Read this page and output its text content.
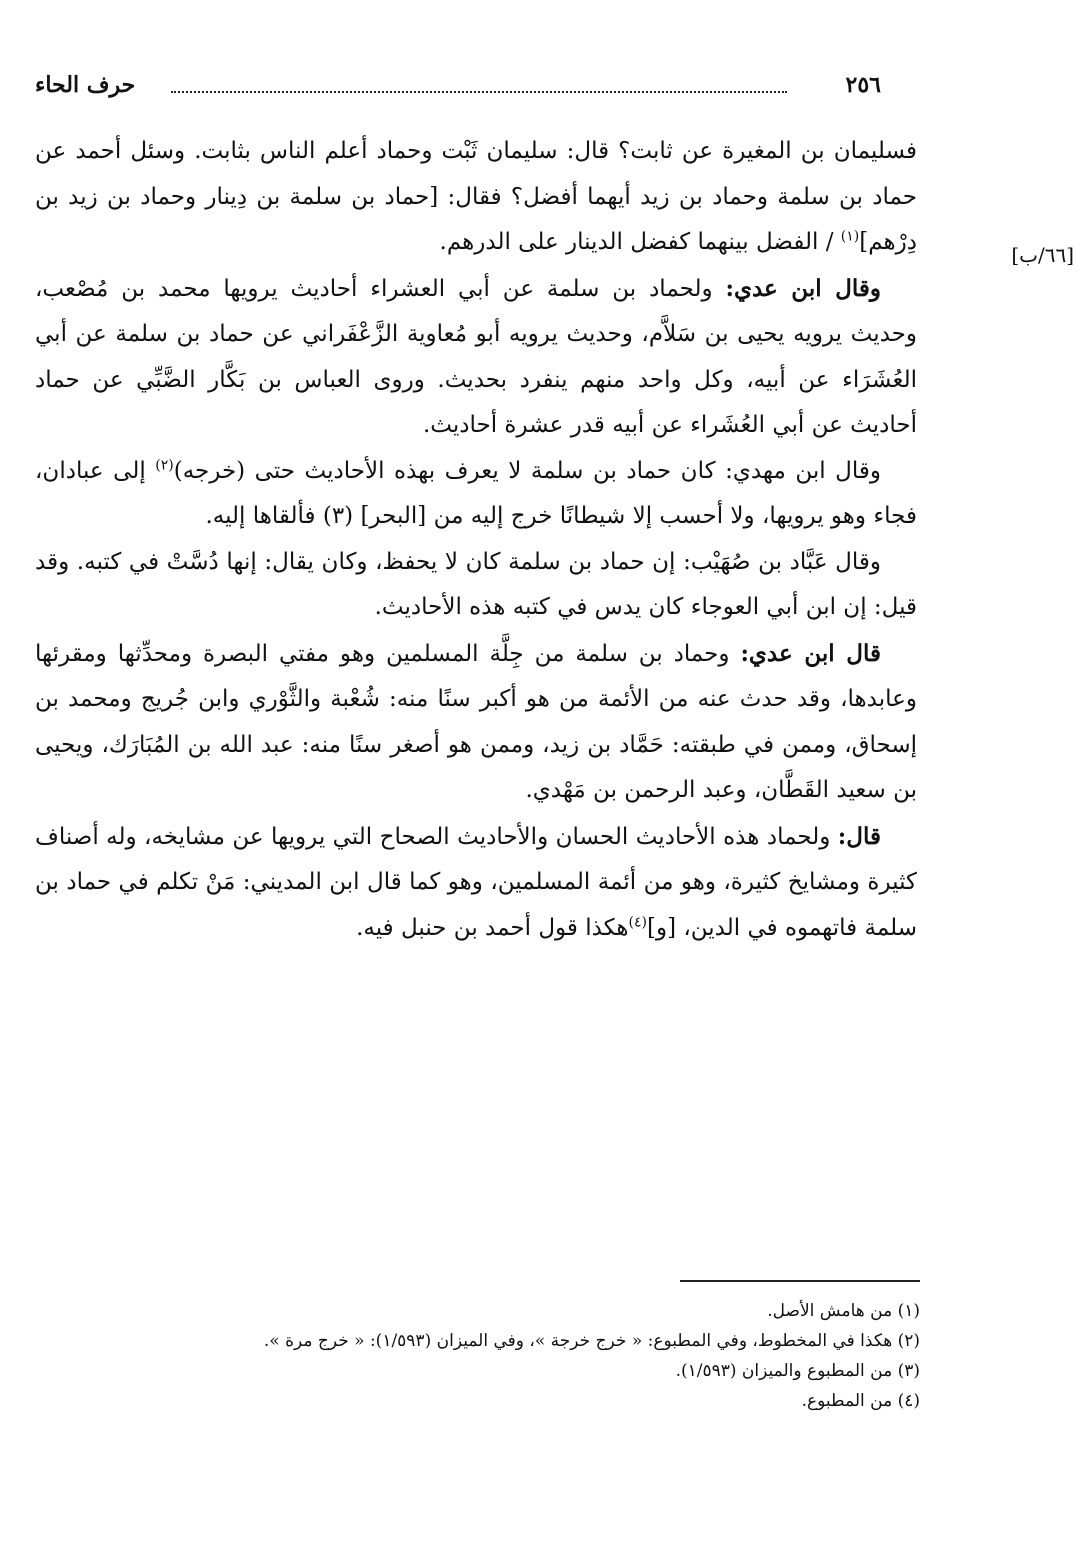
حرف الحاء	٢٥٦
[٦٦/ب]

فسليمان بن المغيرة عن ثابت؟ قال: سليمان ثَبْت وحماد أعلم الناس بثابت. وسئل أحمد عن حماد بن سلمة وحماد بن زيد أيهما أفضل؟ فقال: [حماد بن سلمة بن دِينار وحماد بن زيد بن دِرْهم]$^{(١)}$ / الفضل بينهما كفضل الدينار على الدرهم.

وقال ابن عدي: ولحماد بن سلمة عن أبي العشراء أحاديث يرويها محمد بن مُصْعب، وحديث يرويه يحيى بن سَلاَّم، وحديث يرويه أبو مُعاوية الزَّعْفَراني عن حماد بن سلمة عن أبي العُشَرَاء عن أبيه، وكل واحد منهم ينفرد بحديث. وروى العباس بن بَكَّار الضَّبِّي عن حماد أحاديث عن أبي العُشَراء عن أبيه قدر عشرة أحاديث.

وقال ابن مهدي: كان حماد بن سلمة لا يعرف بهذه الأحاديث حتى (خرجه)$^{(٢)}$ إلى عبادان، فجاء وهو يرويها، ولا أحسب إلا شيطانًا خرج إليه من [البحر] (٣) فألقاها إليه.

وقال عَبَّاد بن صُهَيْب: إن حماد بن سلمة كان لا يحفظ، وكان يقال: إنها دُسَّتْ في كتبه. وقد قيل: إن ابن أبي العوجاء كان يدس في كتبه هذه الأحاديث.

قال ابن عدي: وحماد بن سلمة من جِلَّة المسلمين وهو مفتي البصرة ومحدِّثها ومقرئها وعابدها، وقد حدث عنه من الأئمة من هو أكبر سنًا منه: شُعْبة والثَّوْري وابن جُريج ومحمد بن إسحاق، وممن في طبقته: حَمَّاد بن زيد، وممن هو أصغر سنًا منه: عبد الله بن المُبَارَك، ويحيى بن سعيد القَطَّان، وعبد الرحمن بن مَهْدي.

قال: ولحماد هذه الأحاديث الحسان والأحاديث الصحاح التي يرويها عن مشايخه، وله أصناف كثيرة ومشايخ كثيرة، وهو من أئمة المسلمين، وهو كما قال ابن المديني: مَنْ تكلم في حماد بن سلمة فاتهموه في الدين، [و]$^{(٤)}$هكذا قول أحمد بن حنبل فيه.

(١) من هامش الأصل.
(٢) هكذا في المخطوط، وفي المطبوع: « خرج خرجة »، وفي الميزان (١/٥٩٣): « خرج مرة ».
(٣) من المطبوع والميزان (١/٥٩٣).
(٤) من المطبوع.
